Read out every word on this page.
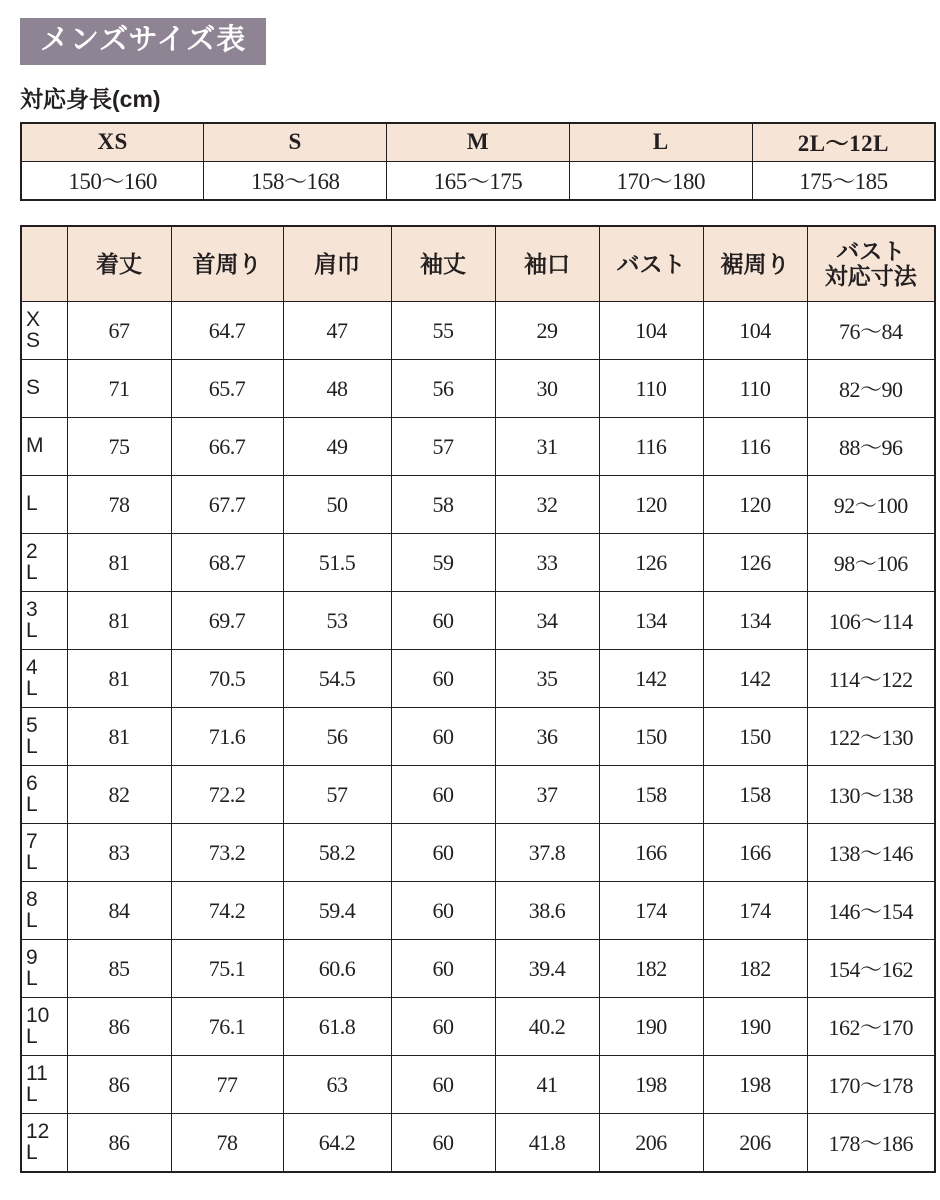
メンズサイズ表
対応身長(cm)
XS	S	M	L	2L〜12L
150〜160	158〜168	165〜175	170〜180	175〜185
	着丈	首周り	肩巾	袖丈	袖口	バスト	裾周り	バスト
対応寸法

X
S	67	64.7	47	55	29	104	104	76〜84

S	71	65.7	48	56	30	110	110	82〜90

M	75	66.7	49	57	31	116	116	88〜96

L	78	67.7	50	58	32	120	120	92〜100

2
L	81	68.7	51.5	59	33	126	126	98〜106

3
L	81	69.7	53	60	34	134	134	106〜114

4
L	81	70.5	54.5	60	35	142	142	114〜122

5
L	81	71.6	56	60	36	150	150	122〜130

6
L	82	72.2	57	60	37	158	158	130〜138

7
L	83	73.2	58.2	60	37.8	166	166	138〜146

8
L	84	74.2	59.4	60	38.6	174	174	146〜154

9
L	85	75.1	60.6	60	39.4	182	182	154〜162

10
L	86	76.1	61.8	60	40.2	190	190	162〜170

11
L	86	77	63	60	41	198	198	170〜178

12
L	86	78	64.2	60	41.8	206	206	178〜186
